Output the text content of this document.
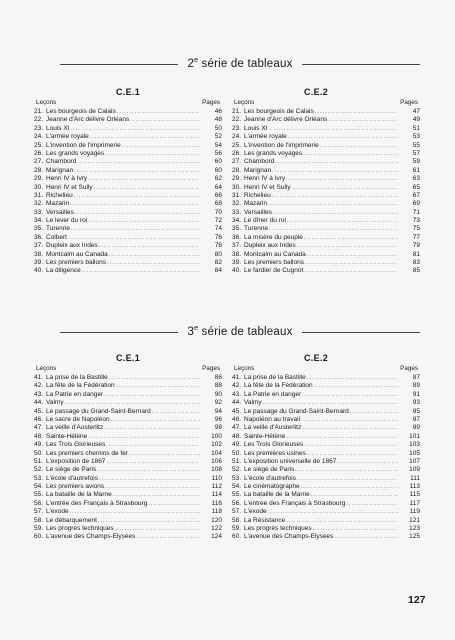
2e série de tableaux
C.E.1
Leçons	Pages
21. Les bourgeois de Calais .....	46
22. Jeanne d'Arc délivre Orléans .....	48
23. Louis XI .....	50
24. L'armée royale .....	52
25. L'invention de l'imprimerie .....	54
26. Les grands voyages .....	56
27. Chambord .....	60
28. Marignan .....	60
29. Henri IV à Ivry .....	62
30. Henri IV et Sully .....	64
31. Richelieu .....	66
32. Mazarin .....	68
33. Versailles .....	70
34. Le lever du roi .....	72
35. Turenne .....	74
36. Colbert .....	76
37. Dupleix aux Indes .....	78
38. Montcalm au Canada .....	80
39. Les premiers ballons .....	82
40. La diligence .....	84
C.E.2
Leçons	Pages
21. Les bourgeois de Calais .....	47
22. Jeanne d'Arc délivre Orléans .....	49
23. Louis XI .....	51
24. L'armée royale .....	53
25. L'invention de l'imprimerie .....	55
26. Les grands voyages .....	57
27. Chambord .....	59
28. Marignan .....	61
29. Henri IV à Ivry .....	63
30. Henri IV et Sully .....	65
31. Richelieu .....	67
32. Mazarin .....	69
33. Versailles .....	71
34. Le dîner du roi .....	73
35. Turenne .....	75
36. La misère du peuple .....	77
37. Dupleix aux Indes .....	79
38. Montcalm au Canada .....	81
39. Les premiers ballons .....	83
40. Le fardier de Cugnot .....	85
3e série de tableaux
C.E.1
Leçons	Pages
41. La prise de la Bastille .....	86
42. La fête de la Fédération .....	88
43. La Patrie en danger .....	90
44. Valmy .....	92
45. Le passage du Grand-Saint-Bernard .....	94
46. Le sacre de Napoléon .....	96
47. La veille d'Austerlitz .....	98
48. Sainte-Hélène .....	100
49. Les Trois Glorieuses .....	102
50. Les premiers chemins de fer .....	104
51. L'exposition de 1867 .....	106
52. Le siège de Paris .....	108
53. L'école d'autrefois .....	110
54. Les premiers avions .....	112
55. La bataille de la Marne .....	114
56. L'entrée des Français à Strasbourg .....	116
57. L'exode .....	118
58. Le débarquement .....	120
59. Les progrès techniques .....	122
60. L'avenue des Champs-Elysées .....	124
C.E.2
Leçons	Pages
41. La prise de la Bastille .....	87
42. La fête de la Fédération .....	89
43. La Patrie en danger .....	91
44. Valmy .....	93
45. Le passage du Grand-Saint-Bernard .....	95
46. Napoléon au travail .....	97
47. La veille d'Austerlitz .....	99
48. Sainte-Hélène .....	101
49. Les Trois Glorieuses .....	103
50. Les premières usines .....	105
51. L'exposition universelle de 1867 .....	107
52. Le siège de Paris .....	109
53. L'école d'autrefois .....	111
54. Le cinématographe .....	113
55. La bataille de la Marne .....	115
56. L'entrée des Français à Strasbourg .....	117
57. L'exode .....	119
58. La Résistance .....	121
59. Les progrès techniques .....	123
60. L'avenue des Champs-Elysées .....	125
127
